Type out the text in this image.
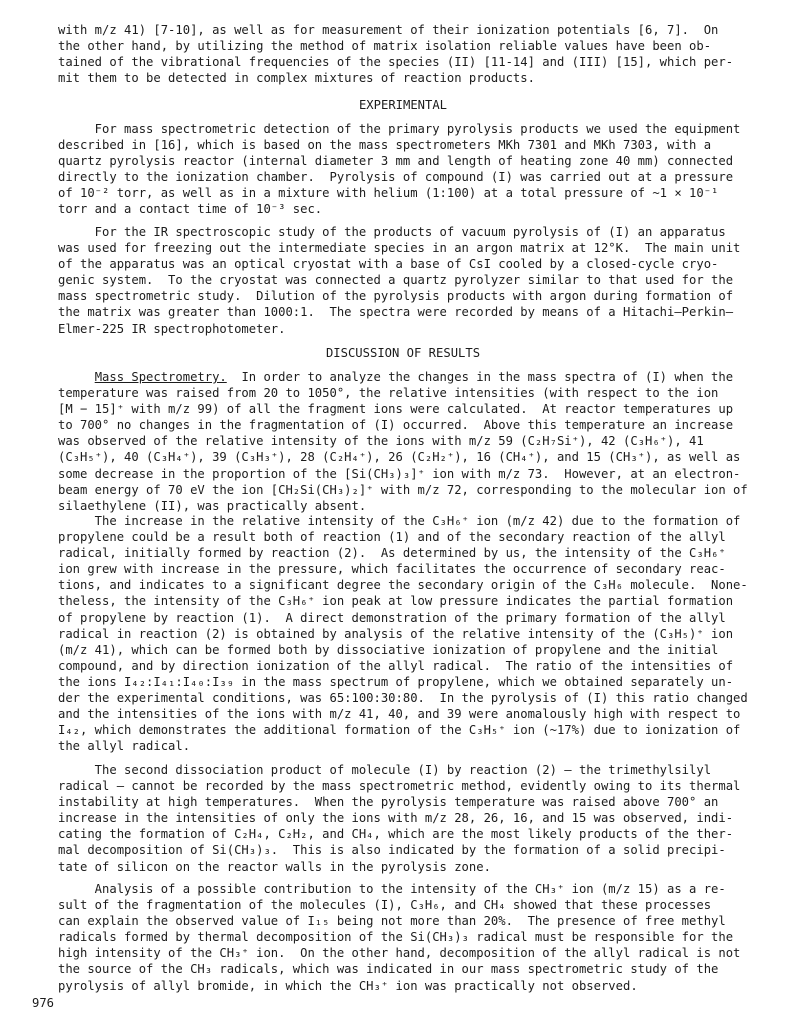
with m/z 41) [7-10], as well as for measurement of their ionization potentials [6, 7].  On
the other hand, by utilizing the method of matrix isolation reliable values have been ob-
tained of the vibrational frequencies of the species (II) [11-14] and (III) [15], which per-
mit them to be detected in complex mixtures of reaction products.
EXPERIMENTAL
For mass spectrometric detection of the primary pyrolysis products we used the equipment
described in [16], which is based on the mass spectrometers MKh 7301 and MKh 7303, with a
quartz pyrolysis reactor (internal diameter 3 mm and length of heating zone 40 mm) connected
directly to the ionization chamber.  Pyrolysis of compound (I) was carried out at a pressure
of 10⁻² torr, as well as in a mixture with helium (1:100) at a total pressure of ~1 × 10⁻¹
torr and a contact time of 10⁻³ sec.
For the IR spectroscopic study of the products of vacuum pyrolysis of (I) an apparatus
was used for freezing out the intermediate species in an argon matrix at 12°K.  The main unit
of the apparatus was an optical cryostat with a base of CsI cooled by a closed-cycle cryo-
genic system.  To the cryostat was connected a quartz pyrolyzer similar to that used for the
mass spectrometric study.  Dilution of the pyrolysis products with argon during formation of
the matrix was greater than 1000:1.  The spectra were recorded by means of a Hitachi–Perkin–
Elmer-225 IR spectrophotometer.
DISCUSSION OF RESULTS
Mass Spectrometry.  In order to analyze the changes in the mass spectra of (I) when the
temperature was raised from 20 to 1050°, the relative intensities (with respect to the ion
[M − 15]⁺ with m/z 99) of all the fragment ions were calculated.  At reactor temperatures up
to 700° no changes in the fragmentation of (I) occurred.  Above this temperature an increase
was observed of the relative intensity of the ions with m/z 59 (C₂H₇Si⁺), 42 (C₃H₆⁺), 41
(C₃H₅⁺), 40 (C₃H₄⁺), 39 (C₃H₃⁺), 28 (C₂H₄⁺), 26 (C₂H₂⁺), 16 (CH₄⁺), and 15 (CH₃⁺), as well as
some decrease in the proportion of the [Si(CH₃)₃]⁺ ion with m/z 73.  However, at an electron-
beam energy of 70 eV the ion [CH₂Si(CH₃)₂]⁺ with m/z 72, corresponding to the molecular ion of
silaethylene (II), was practically absent.
The increase in the relative intensity of the C₃H₆⁺ ion (m/z 42) due to the formation of
propylene could be a result both of reaction (1) and of the secondary reaction of the allyl
radical, initially formed by reaction (2).  As determined by us, the intensity of the C₃H₆⁺
ion grew with increase in the pressure, which facilitates the occurrence of secondary reac-
tions, and indicates to a significant degree the secondary origin of the C₃H₆ molecule.  None-
theless, the intensity of the C₃H₆⁺ ion peak at low pressure indicates the partial formation
of propylene by reaction (1).  A direct demonstration of the primary formation of the allyl
radical in reaction (2) is obtained by analysis of the relative intensity of the (C₃H₅)⁺ ion
(m/z 41), which can be formed both by dissociative ionization of propylene and the initial
compound, and by direction ionization of the allyl radical.  The ratio of the intensities of
the ions I₄₂:I₄₁:I₄₀:I₃₉ in the mass spectrum of propylene, which we obtained separately un-
der the experimental conditions, was 65:100:30:80.  In the pyrolysis of (I) this ratio changed
and the intensities of the ions with m/z 41, 40, and 39 were anomalously high with respect to
I₄₂, which demonstrates the additional formation of the C₃H₅⁺ ion (~17%) due to ionization of
the allyl radical.
The second dissociation product of molecule (I) by reaction (2) — the trimethylsilyl
radical — cannot be recorded by the mass spectrometric method, evidently owing to its thermal
instability at high temperatures.  When the pyrolysis temperature was raised above 700° an
increase in the intensities of only the ions with m/z 28, 26, 16, and 15 was observed, indi-
cating the formation of C₂H₄, C₂H₂, and CH₄, which are the most likely products of the ther-
mal decomposition of Si(CH₃)₃.  This is also indicated by the formation of a solid precipi-
tate of silicon on the reactor walls in the pyrolysis zone.
Analysis of a possible contribution to the intensity of the CH₃⁺ ion (m/z 15) as a re-
sult of the fragmentation of the molecules (I), C₃H₆, and CH₄ showed that these processes
can explain the observed value of I₁₅ being not more than 20%.  The presence of free methyl
radicals formed by thermal decomposition of the Si(CH₃)₃ radical must be responsible for the
high intensity of the CH₃⁺ ion.  On the other hand, decomposition of the allyl radical is not
the source of the CH₃ radicals, which was indicated in our mass spectrometric study of the
pyrolysis of allyl bromide, in which the CH₃⁺ ion was practically not observed.
976
